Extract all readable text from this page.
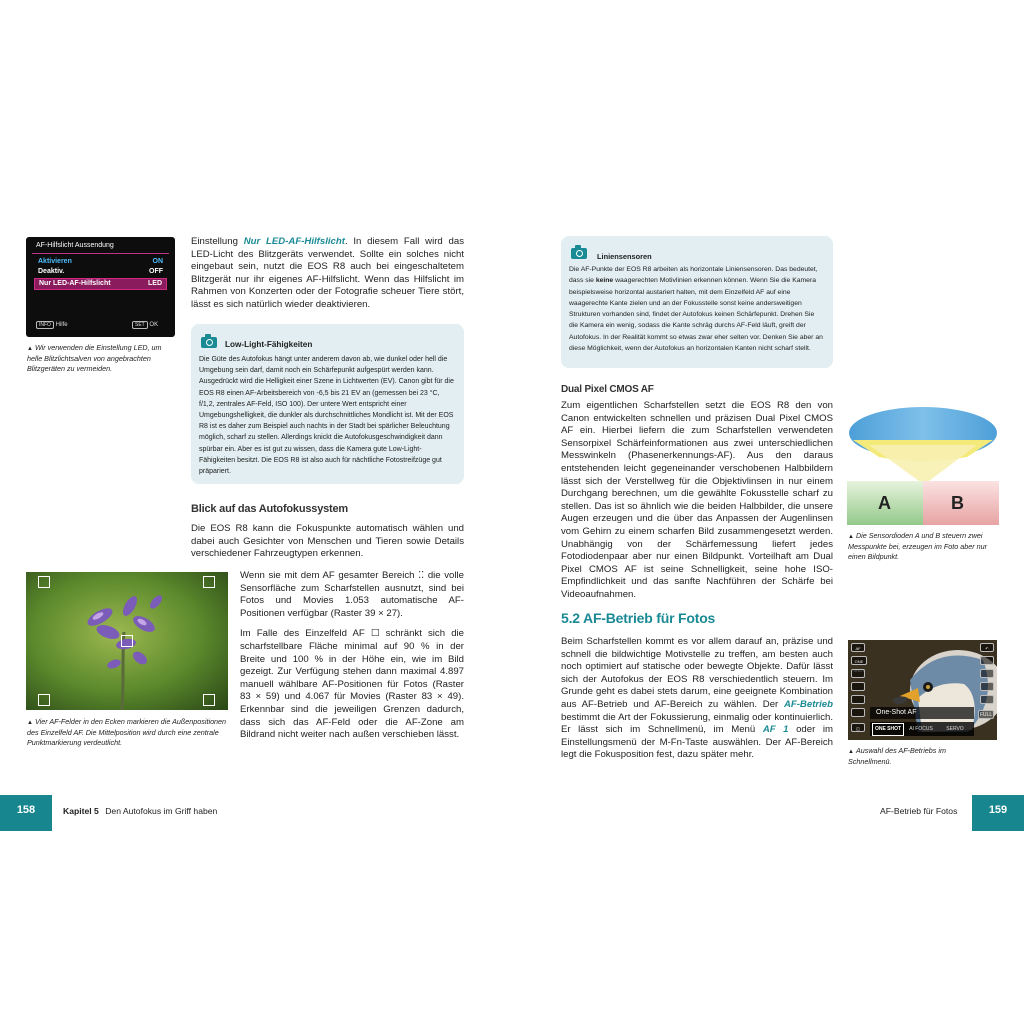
AF-Hilfslicht Aussendung
Aktivieren	ON
Deaktiv.	OFF
Nur LED-AF-Hilfslicht	LED
INFO Hilfe	SET OK
▲ Wir verwenden die Einstellung LED, um helle Blitzlichtsalven von angebrachten Blitzgeräten zu vermeiden.

Einstellung Nur LED-AF-Hilfslicht. In diesem Fall wird das LED-Licht des Blitzgeräts verwendet. Sollte ein solches nicht eingebaut sein, nutzt die EOS R8 auch bei eingeschaltetem Blitzgerät nur ihr eigenes AF-Hilfslicht. Wenn das Hilfslicht im Rahmen von Konzerten oder der Fotografie scheuer Tiere stört, lässt es sich natürlich wieder deaktivieren.

Low-Light-Fähigkeiten
Die Güte des Autofokus hängt unter anderem davon ab, wie dunkel oder hell die Umgebung sein darf, damit noch ein Schärfepunkt aufgespürt werden kann. Ausgedrückt wird die Helligkeit einer Szene in Lichtwerten (EV). Canon gibt für die EOS R8 einen AF-Arbeitsbereich von -6,5 bis 21 EV an (gemessen bei 23 °C, f/1,2, zentrales AF-Feld, ISO 100). Der untere Wert entspricht einer Umgebungshelligkeit, die dunkler als durchschnittliches Mondlicht ist. Mit der EOS R8 ist es daher zum Beispiel auch nachts in der Stadt bei spärlicher Beleuchtung möglich, scharf zu stellen. Allerdings knickt die Autofokusgeschwindigkeit dann spürbar ein. Aber es ist gut zu wissen, dass die Kamera gute Low-Light-Fähigkeiten besitzt. Die EOS R8 ist also auch für nächtliche Fotostreifzüge gut präpariert.
Blick auf das Autofokussystem

Die EOS R8 kann die Fokuspunkte automatisch wählen und dabei auch Gesichter von Menschen und Tieren sowie Details verschiedener Fahrzeugtypen erkennen.

▲ Vier AF-Felder in den Ecken markieren die Außenpositionen des Einzelfeld AF. Die Mittelposition wird durch eine zentrale Punktmarkierung verdeutlicht.

Wenn sie mit dem AF gesamter Bereich ⁚⁚ die volle Sensorfläche zum Scharfstellen ausnutzt, sind bei Fotos und Movies 1.053 automatische AF-Positionen verfügbar (Raster 39 × 27).

Im Falle des Einzelfeld AF ☐ schränkt sich die scharfstellbare Fläche minimal auf 90 % in der Breite und 100 % in der Höhe ein, wie im Bild gezeigt. Zur Verfügung stehen dann maximal 4.897 manuell wählbare AF-Positionen für Fotos (Raster 83 × 59) und 4.067 für Movies (Raster 83 × 49). Erkennbar sind die jeweiligen Grenzen dadurch, dass sich das AF-Feld oder die AF-Zone am Bildrand nicht weiter nach außen verschieben lässt.

158	Kapitel 5 Den Autofokus im Griff haben
Liniensensoren
Die AF-Punkte der EOS R8 arbeiten als horizontale Liniensensoren. Das bedeutet, dass sie keine waagerechten Motivlinien erkennen können. Wenn Sie die Kamera beispielsweise horizontal austariert halten, mit dem Einzelfeld AF auf eine waagerechte Kante zielen und an der Fokusstelle sonst keine andersweitigen Strukturen vorhanden sind, findet der Autofokus keinen Schärfepunkt. Drehen Sie die Kamera ein wenig, sodass die Kante schräg durchs AF-Feld läuft, greift der Autofokus. In der Realität kommt so etwas zwar eher selten vor. Denken Sie aber an diese Möglichkeit, wenn der Autofokus an horizontalen Kanten nicht scharf stellt.
Dual Pixel CMOS AF

Zum eigentlichen Scharfstellen setzt die EOS R8 den von Canon entwickelten schnellen und präzisen Dual Pixel CMOS AF ein. Hierbei liefern die zum Scharfstellen verwendeten Sensorpixel Schärfeinformationen aus zwei unterschiedlichen Messwinkeln (Phasenerkennungs-AF). Aus den daraus entstehenden leicht gegeneinander verschobenen Halbbildern lässt sich der Verstellweg für die Objektivlinsen in nur einem Durchgang berechnen, um die gewählte Fokusstelle scharf zu stellen. Das ist so ähnlich wie die beiden Halbbilder, die unsere Augen erzeugen und die über das Anpassen der Augenlinsen vom Gehirn zu einem scharfen Bild zusammengesetzt werden. Unabhängig von der Schärfemessung liefert jedes Fotodiodenpaar aber nur einen Bildpunkt. Vorteilhaft am Dual Pixel CMOS AF ist seine Schnelligkeit, seine hohe ISO-Empfindlichkeit und das sanfte Nachführen der Schärfe bei Videoaufnahmen.

A	B
▲ Die Sensordioden A und B steuern zwei Messpunkte bei, erzeugen im Foto aber nur einen Bildpunkt.
5.2 AF-Betrieb für Fotos

Beim Scharfstellen kommt es vor allem darauf an, präzise und schnell die bildwichtige Motivstelle zu treffen, am besten auch noch optimiert auf statische oder bewegte Objekte. Dafür lässt sich der Autofokus der EOS R8 verschiedentlich steuern. Im Grunde geht es dabei stets darum, eine geeignete Kombination aus AF-Betrieb und AF-Bereich zu wählen. Der AF-Betrieb bestimmt die Art der Fokussierung, einmalig oder kontinuierlich. Er lässt sich im Schnellmenü, im Menü AF 1 oder im Einstellungsmenü der M-Fn-Taste auswählen. Der AF-Bereich legt die Fokusposition fest, dazu später mehr.

AF
ONE
↶
FULL
One-Shot AF
ONE SHOT	AI FOCUS	SERVO
◫
▲ Auswahl des AF-Betriebs im Schnellmenü.
AF-Betrieb für Fotos	159
